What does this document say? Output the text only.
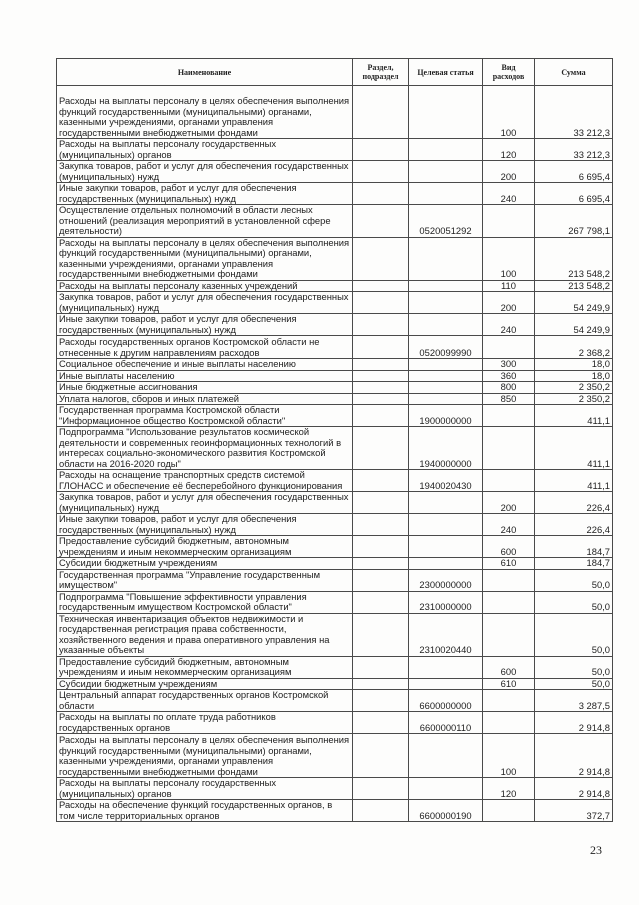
Наименование	Раздел, подраздел	Целевая статья	Вид расходов	Сумма
Расходы на выплаты персоналу в целях обеспечения выполнения функций государственными (муниципальными) органами, казенными учреждениями, органами управления государственными внебюджетными фондами			100	33 212,3
Расходы на выплаты персоналу государственных (муниципальных) органов			120	33 212,3
Закупка товаров, работ и услуг для обеспечения государственных (муниципальных) нужд			200	6 695,4
Иные закупки товаров, работ и услуг для обеспечения государственных (муниципальных) нужд			240	6 695,4
Осуществление отдельных полномочий в области лесных отношений (реализация мероприятий в установленной сфере деятельности)		0520051292		267 798,1
Расходы на выплаты персоналу в целях обеспечения выполнения функций государственными (муниципальными) органами, казенными учреждениями, органами управления государственными внебюджетными фондами			100	213 548,2
Расходы на выплаты персоналу казенных учреждений			110	213 548,2
Закупка товаров, работ и услуг для обеспечения государственных (муниципальных) нужд			200	54 249,9
Иные закупки товаров, работ и услуг для обеспечения государственных (муниципальных) нужд			240	54 249,9
Расходы государственных органов Костромской области не отнесенные к другим направлениям расходов		0520099990		2 368,2
Социальное обеспечение и иные выплаты населению			300	18,0
Иные выплаты населению			360	18,0
Иные бюджетные ассигнования			800	2 350,2
Уплата налогов, сборов и иных платежей			850	2 350,2
Государственная программа Костромской области "Информационное общество Костромской области"		1900000000		411,1
Подпрограмма "Использование результатов космической деятельности и современных геоинформационных технологий в интересах социально-экономического развития Костромской области на 2016-2020 годы"		1940000000		411,1
Расходы на оснащение транспортных средств системой ГЛОНАСС и обеспечение её бесперебойного функционирования		1940020430		411,1
Закупка товаров, работ и услуг для обеспечения государственных (муниципальных) нужд			200	226,4
Иные закупки товаров, работ и услуг для обеспечения государственных (муниципальных) нужд			240	226,4
Предоставление субсидий бюджетным, автономным учреждениям и иным некоммерческим организациям			600	184,7
Субсидии бюджетным учреждениям			610	184,7
Государственная программа "Управление государственным имуществом"		2300000000		50,0
Подпрограмма "Повышение эффективности управления государственным имуществом Костромской области"		2310000000		50,0
Техническая инвентаризация объектов недвижимости и государственная регистрация права собственности, хозяйственного ведения и права оперативного управления на указанные объекты		2310020440		50,0
Предоставление субсидий бюджетным, автономным учреждениям и иным некоммерческим организациям			600	50,0
Субсидии бюджетным учреждениям			610	50,0
Центральный аппарат государственных органов Костромской области		6600000000		3 287,5
Расходы на выплаты по оплате труда работников государственных органов		6600000110		2 914,8
Расходы на выплаты персоналу в целях обеспечения выполнения функций государственными (муниципальными) органами, казенными учреждениями, органами управления государственными внебюджетными фондами			100	2 914,8
Расходы на выплаты персоналу государственных (муниципальных) органов			120	2 914,8
Расходы на обеспечение функций государственных органов, в том числе территориальных органов		6600000190		372,7
23
